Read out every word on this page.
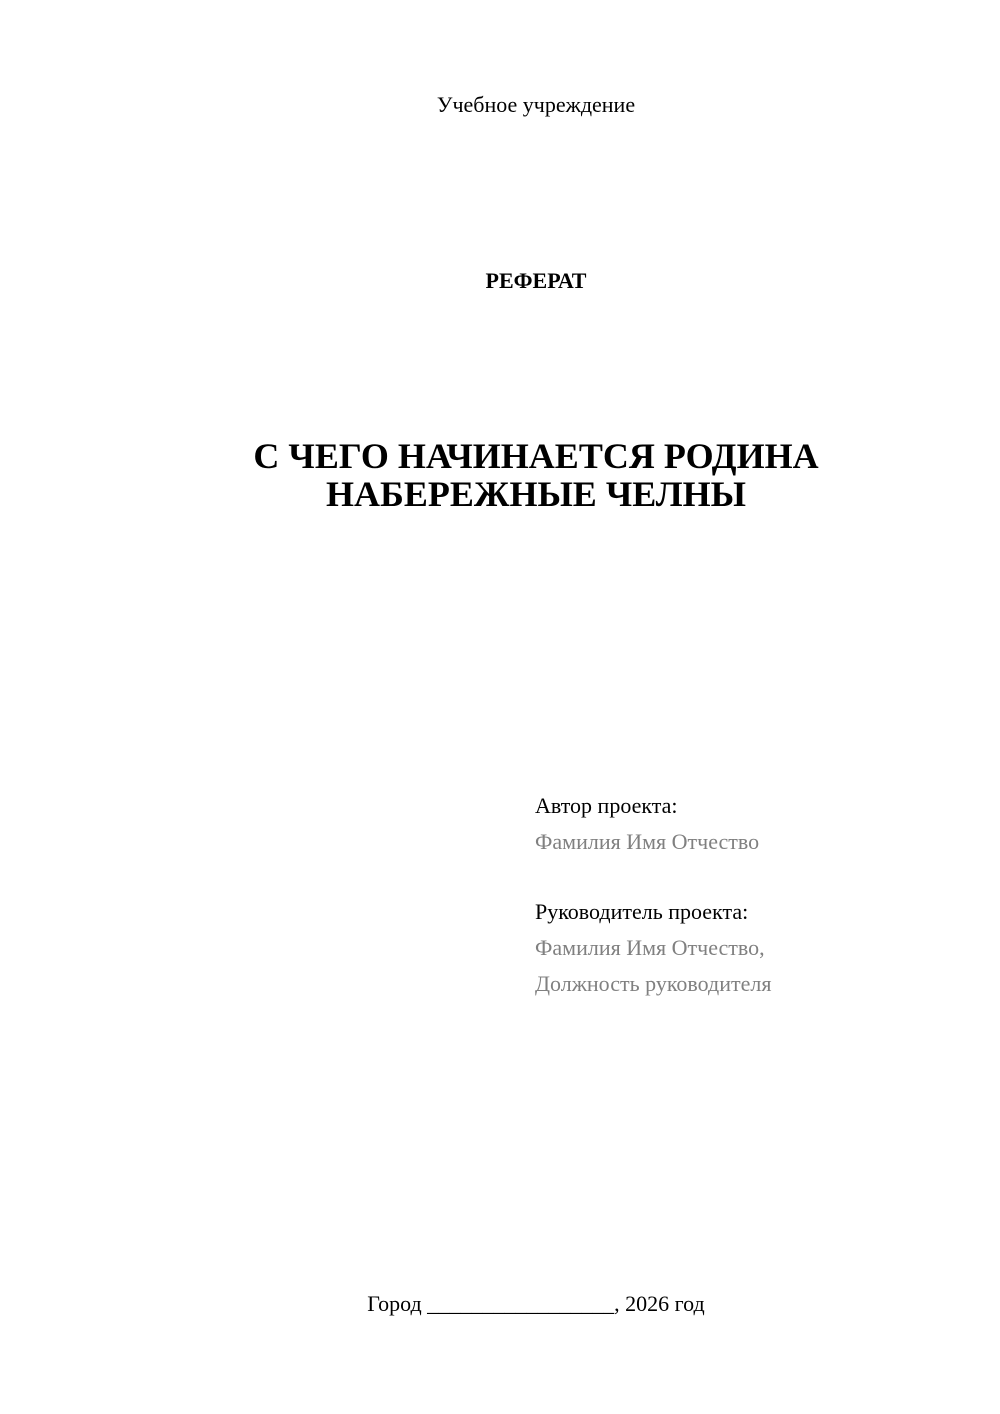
Учебное учреждение
РЕФЕРАТ
С ЧЕГО НАЧИНАЕТСЯ РОДИНА
НАБЕРЕЖНЫЕ ЧЕЛНЫ
Автор проекта:
Фамилия Имя Отчество
Руководитель проекта:
Фамилия Имя Отчество,
Должность руководителя
Город _________________, 2026 год
